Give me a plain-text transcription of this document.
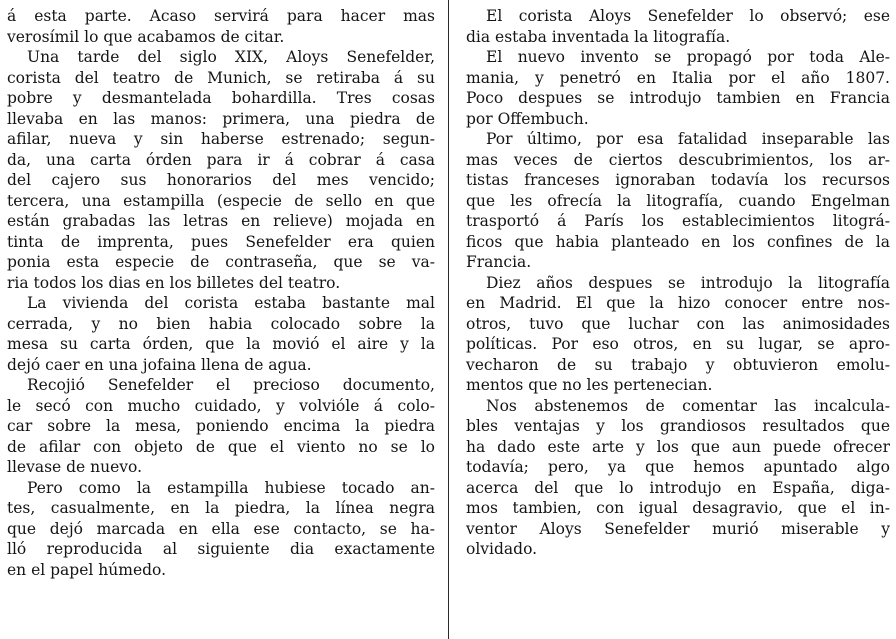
á esta parte. Acaso servirá para hacer mas
verosímil lo que acabamos de citar.
Una tarde del siglo XIX, Aloys Senefelder,
corista del teatro de Munich, se retiraba á su
pobre y desmantelada bohardilla. Tres cosas
llevaba en las manos: primera, una piedra de
afilar, nueva y sin haberse estrenado; segun-
da, una carta órden para ir á cobrar á casa
del cajero sus honorarios del mes vencido;
tercera, una estampilla (especie de sello en que
están grabadas las letras en relieve) mojada en
tinta de imprenta, pues Senefelder era quien
ponia esta especie de contraseña, que se va-
ria todos los dias en los billetes del teatro.
La vivienda del corista estaba bastante mal
cerrada, y no bien habia colocado sobre la
mesa su carta órden, que la movió el aire y la
dejó caer en una jofaina llena de agua.
Recojió Senefelder el precioso documento,
le secó con mucho cuidado, y volvióle á colo-
car sobre la mesa, poniendo encima la piedra
de afilar con objeto de que el viento no se lo
llevase de nuevo.
Pero como la estampilla hubiese tocado an-
tes, casualmente, en la piedra, la línea negra
que dejó marcada en ella ese contacto, se ha-
lló reproducida al siguiente dia exactamente
en el papel húmedo.
El corista Aloys Senefelder lo observó; ese
dia estaba inventada la litografía.
El nuevo invento se propagó por toda Ale-
mania, y penetró en Italia por el año 1807.
Poco despues se introdujo tambien en Francia
por Offembuch.
Por último, por esa fatalidad inseparable las
mas veces de ciertos descubrimientos, los ar-
tistas franceses ignoraban todavía los recursos
que les ofrecía la litografía, cuando Engelman
trasportó á París los establecimientos litográ-
ficos que habia planteado en los confines de la
Francia.
Diez años despues se introdujo la litografía
en Madrid. El que la hizo conocer entre nos-
otros, tuvo que luchar con las animosidades
políticas. Por eso otros, en su lugar, se apro-
vecharon de su trabajo y obtuvieron emolu-
mentos que no les pertenecian.
Nos abstenemos de comentar las incalcula-
bles ventajas y los grandiosos resultados que
ha dado este arte y los que aun puede ofrecer
todavía; pero, ya que hemos apuntado algo
acerca del que lo introdujo en España, diga-
mos tambien, con igual desagravio, que el in-
ventor Aloys Senefelder murió miserable y
olvidado.
